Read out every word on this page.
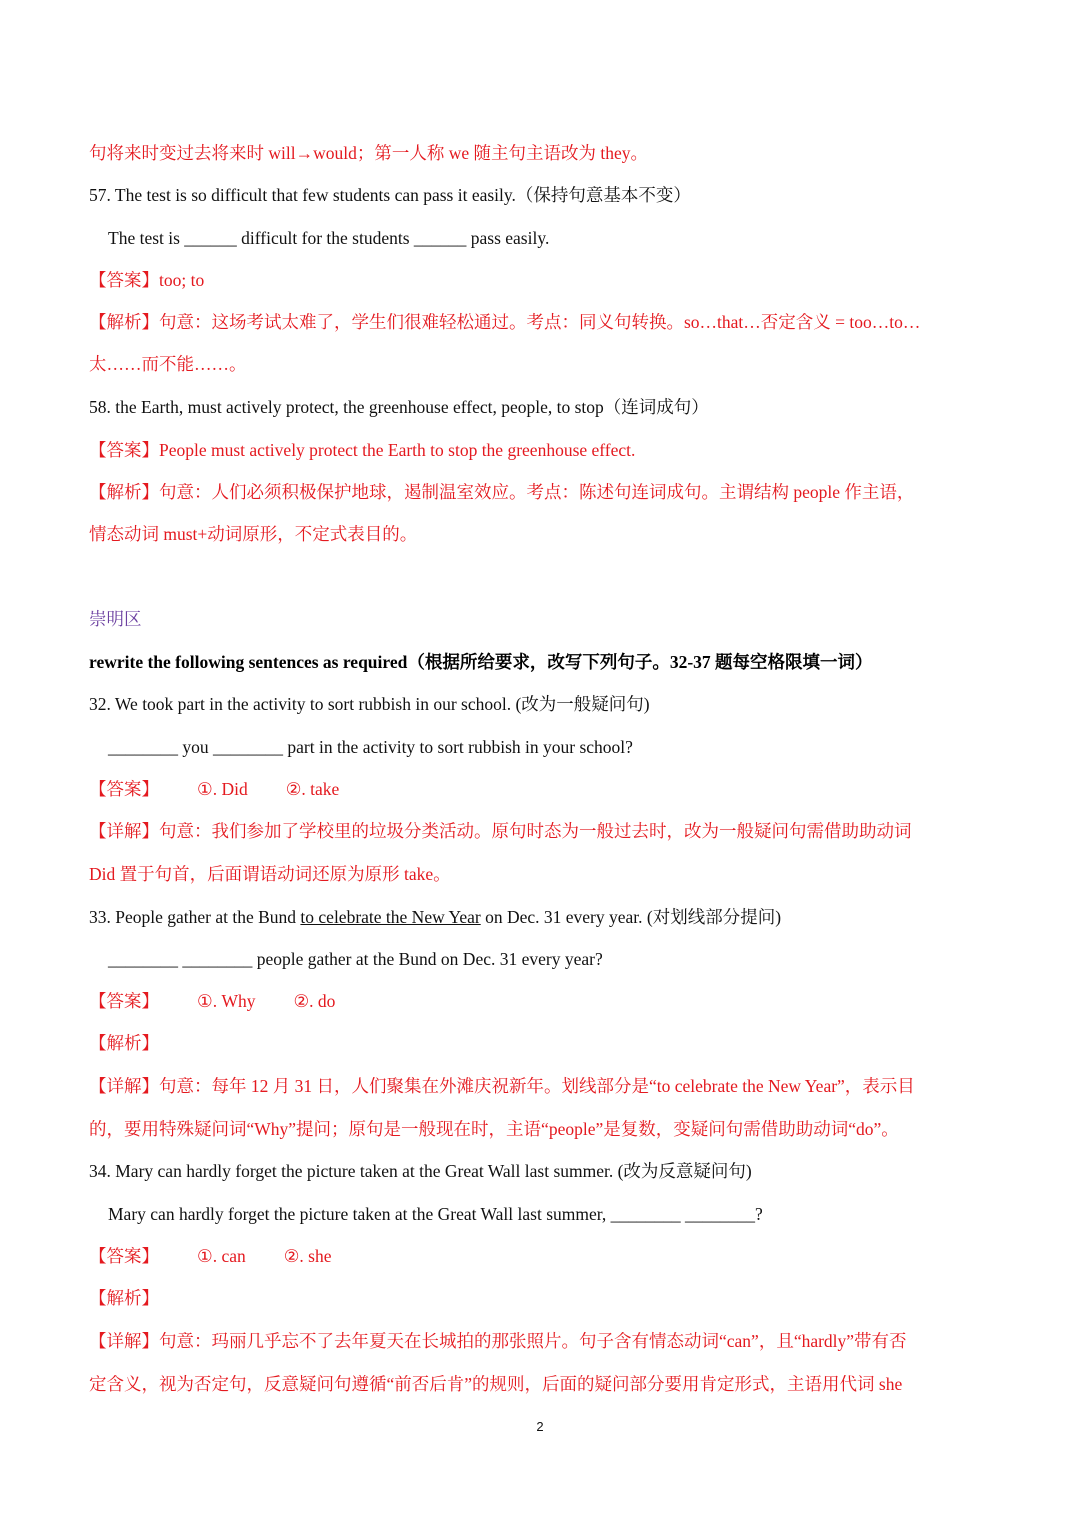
句将来时变过去将来时 will→would；第一人称 we 随主句主语改为 they。
57. The test is so difficult that few students can pass it easily.（保持句意基本不变）
The test is ______ difficult for the students ______ pass easily.
【答案】too; to
【解析】句意：这场考试太难了，学生们很难轻松通过。考点：同义句转换。so…that…否定含义 = too…to…
太……而不能……。
58. the Earth, must actively protect, the greenhouse effect, people, to stop（连词成句）
【答案】People must actively protect the Earth to stop the greenhouse effect.
【解析】句意：人们必须积极保护地球，遏制温室效应。考点：陈述句连词成句。主谓结构 people 作主语，
情态动词 must+动词原形，不定式表目的。
崇明区
rewrite the following sentences as required（根据所给要求，改写下列句子。32-37 题每空格限填一词）
32. We took part in the activity to sort rubbish in our school. (改为一般疑问句)
________ you ________ part in the activity to sort rubbish in your school?
【答案】 ①. Did ②. take
【详解】句意：我们参加了学校里的垃圾分类活动。原句时态为一般过去时，改为一般疑问句需借助助动词
Did 置于句首，后面谓语动词还原为原形 take。
33. People gather at the Bund to celebrate the New Year on Dec. 31 every year. (对划线部分提问)
________ ________ people gather at the Bund on Dec. 31 every year?
【答案】 ①. Why ②. do
【解析】
【详解】句意：每年 12 月 31 日，人们聚集在外滩庆祝新年。划线部分是“to celebrate the New Year”，表示目
的，要用特殊疑问词“Why”提问；原句是一般现在时，主语“people”是复数，变疑问句需借助助动词“do”。
34. Mary can hardly forget the picture taken at the Great Wall last summer. (改为反意疑问句)
Mary can hardly forget the picture taken at the Great Wall last summer, ________ ________?
【答案】 ①. can ②. she
【解析】
【详解】句意：玛丽几乎忘不了去年夏天在长城拍的那张照片。句子含有情态动词“can”，且“hardly”带有否
定含义，视为否定句，反意疑问句遵循“前否后肯”的规则，后面的疑问部分要用肯定形式，主语用代词 she
2
